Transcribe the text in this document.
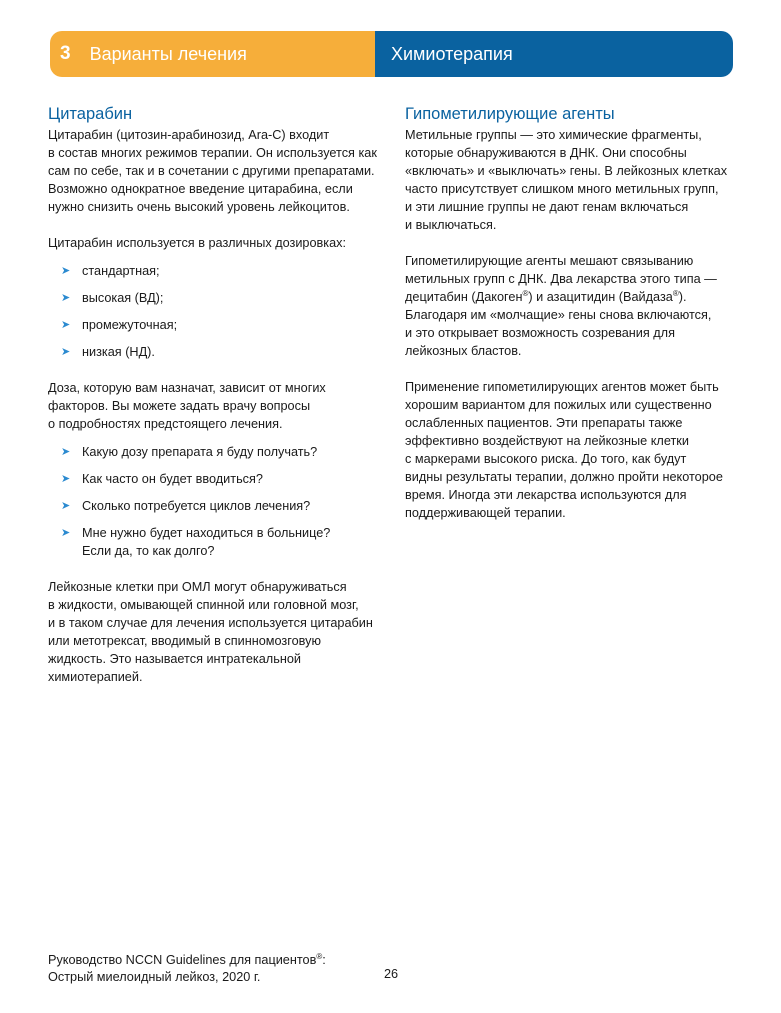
3 Варианты лечения	Химиотерапия
Цитарабин
Цитарабин (цитозин-арабинозид, Ara-C) входит
в состав многих режимов терапии. Он используется как
сам по себе, так и в сочетании с другими препаратами.
Возможно однократное введение цитарабина, если
нужно снизить очень высокий уровень лейкоцитов.
Цитарабин используется в различных дозировках:
➤ стандартная;
➤ высокая (ВД);
➤ промежуточная;
➤ низкая (НД).
Доза, которую вам назначат, зависит от многих
факторов. Вы можете задать врачу вопросы
о подробностях предстоящего лечения.
➤ Какую дозу препарата я буду получать?
➤ Как часто он будет вводиться?
➤ Сколько потребуется циклов лечения?
➤ Мне нужно будет находиться в больнице?
Если да, то как долго?
Лейкозные клетки при ОМЛ могут обнаруживаться
в жидкости, омывающей спинной или головной мозг,
и в таком случае для лечения используется цитарабин
или метотрексат, вводимый в спинномозговую
жидкость. Это называется интратекальной
химиотерапией.
Гипометилирующие агенты
Метильные группы — это химические фрагменты,
которые обнаруживаются в ДНК. Они способны
«включать» и «выключать» гены. В лейкозных клетках
часто присутствует слишком много метильных групп,
и эти лишние группы не дают генам включаться
и выключаться.
Гипометилирующие агенты мешают связыванию
метильных групп с ДНК. Два лекарства этого типа —
децитабин (Дакоген®) и азацитидин (Вайдаза®).
Благодаря им «молчащие» гены снова включаются,
и это открывает возможность созревания для
лейкозных бластов.
Применение гипометилирующих агентов может быть
хорошим вариантом для пожилых или существенно
ослабленных пациентов. Эти препараты также
эффективно воздействуют на лейкозные клетки
с маркерами высокого риска. До того, как будут
видны результаты терапии, должно пройти некоторое
время. Иногда эти лекарства используются для
поддерживающей терапии.
Руководство NCCN Guidelines для пациентов®:
Острый миелоидный лейкоз, 2020 г.	26
